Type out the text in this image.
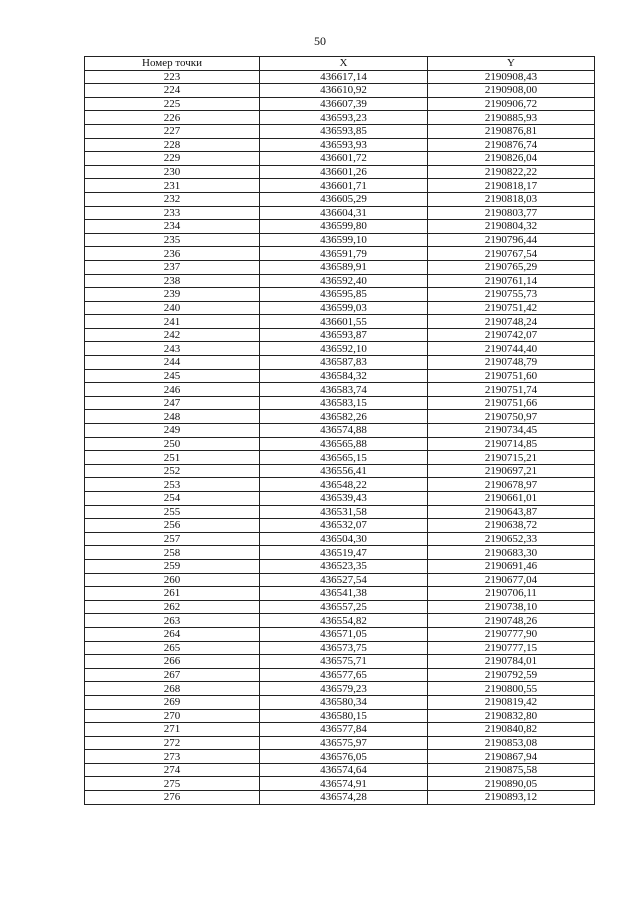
50
Номер точки	X	Y
223	436617,14	2190908,43
224	436610,92	2190908,00
225	436607,39	2190906,72
226	436593,23	2190885,93
227	436593,85	2190876,81
228	436593,93	2190876,74
229	436601,72	2190826,04
230	436601,26	2190822,22
231	436601,71	2190818,17
232	436605,29	2190818,03
233	436604,31	2190803,77
234	436599,80	2190804,32
235	436599,10	2190796,44
236	436591,79	2190767,54
237	436589,91	2190765,29
238	436592,40	2190761,14
239	436595,85	2190755,73
240	436599,03	2190751,42
241	436601,55	2190748,24
242	436593,87	2190742,07
243	436592,10	2190744,40
244	436587,83	2190748,79
245	436584,32	2190751,60
246	436583,74	2190751,74
247	436583,15	2190751,66
248	436582,26	2190750,97
249	436574,88	2190734,45
250	436565,88	2190714,85
251	436565,15	2190715,21
252	436556,41	2190697,21
253	436548,22	2190678,97
254	436539,43	2190661,01
255	436531,58	2190643,87
256	436532,07	2190638,72
257	436504,30	2190652,33
258	436519,47	2190683,30
259	436523,35	2190691,46
260	436527,54	2190677,04
261	436541,38	2190706,11
262	436557,25	2190738,10
263	436554,82	2190748,26
264	436571,05	2190777,90
265	436573,75	2190777,15
266	436575,71	2190784,01
267	436577,65	2190792,59
268	436579,23	2190800,55
269	436580,34	2190819,42
270	436580,15	2190832,80
271	436577,84	2190840,82
272	436575,97	2190853,08
273	436576,05	2190867,94
274	436574,64	2190875,58
275	436574,91	2190890,05
276	436574,28	2190893,12
